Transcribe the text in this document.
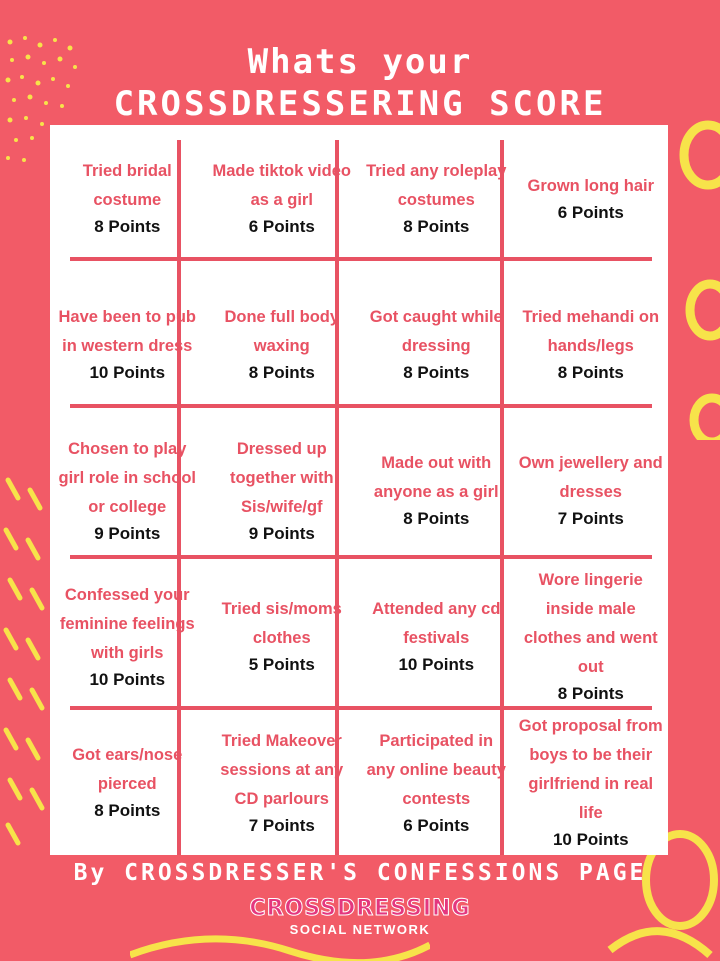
Whats your
CROSSDRESSERING SCORE
Tried bridal costume
8 Points
Made tiktok video as a girl
6 Points
Tried any roleplay costumes
8 Points
Grown long hair
6 Points
Have been to pub in western dress
10 Points
Done full body waxing
8 Points
Got caught while dressing
8 Points
Tried mehandi on hands/legs
8 Points
Chosen to play girl role in school or college
9 Points
Dressed up together with Sis/wife/gf
9 Points
Made out with anyone as a girl
8 Points
Own jewellery and dresses
7 Points
Confessed your feminine feelings with girls
10 Points
Tried sis/moms clothes
5 Points
Attended any cd festivals
10 Points
Wore lingerie inside male clothes and went out
8 Points
Got ears/nose pierced
8 Points
Tried Makeover sessions at any CD parlours
7 Points
Participated in any online beauty contests
6 Points
Got proposal from boys to be their girlfriend in real life
10 Points
By CROSSDRESSER'S CONFESSIONS PAGE
CROSSDRESSING
SOCIAL NETWORK
